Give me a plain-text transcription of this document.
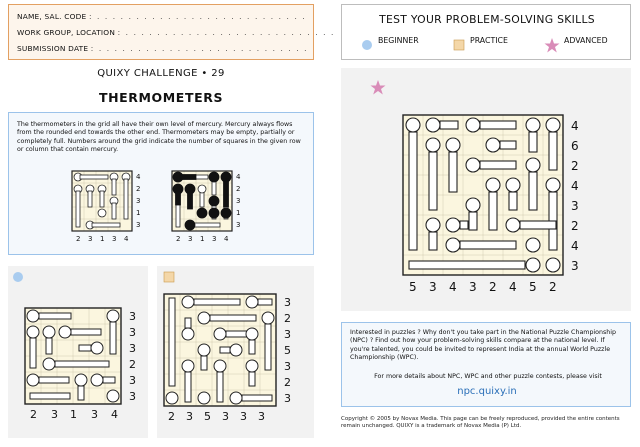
NAME, SAL. CODE : . . . . . . . . . . . . . . . . . . . . . . . . . . .
WORK GROUP, LOCATION : . . . . . . . . . . . . . . . . . . . . . . . . . . .
SUBMISSION DATE : . . . . . . . . . . . . . . . . . . . . . . . . . . .
QUIXY CHALLENGE • 29
THERMOMETERS
The thermometers in the grid all have their own level of mercury. Mercury always flows from the rounded end towards the other end. Thermometers may be empty, partially or completely full. Numbers around the grid indicate the number of squares in the given row or column that contain mercury.
4
2
3
1
3
2 3 1 3 4
4
2
3
1
3
2 3 1 3 4
3
3
3
2
3
3
2 3 1 3 4
3
2
3
5
3
2
3
2 3 5 3 3 3
TEST YOUR PROBLEM-SOLVING SKILLS
BEGINNER	PRACTICE	ADVANCED
4
6
2
4
3
2
4
3
5 3 4 3 2 4 5 2
Interested in puzzles ? Why don't you take part in the National Puzzle Championship (NPC) ? Find out how your problem-solving skills compare at the national level. If you're talented, you could be invited to represent India at the annual World Puzzle Championship (WPC).
For more details about NPC, WPC and other puzzle contests, please visit
npc.quixy.in
Copyright © 2005 by Novax Media. This page can be freely reproduced, provided the entire contents remain unchanged. QUIXY is a trademark of Novax Media (P) Ltd.
